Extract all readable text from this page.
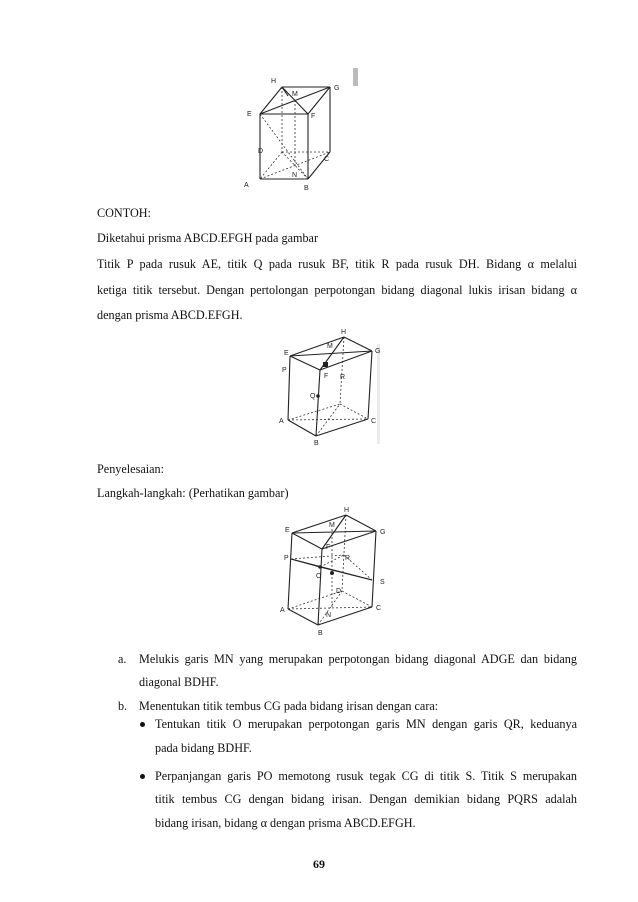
H
M
G
E	F
D
C
N
A	B
CONTOH:
Diketahui prisma ABCD.EFGH pada gambar
Titik P pada rusuk AE, titik Q pada rusuk BF, titik R pada rusuk DH. Bidang α melalui
ketiga titik tersebut. Dengan pertolongan perpotongan bidang diagonal lukis irisan bidang α
dengan prisma ABCD.EFGH.
H
G
E
M
F
P
R
Q
A	C
B
Penyelesaian:
Langkah-langkah: (Perhatikan gambar)
H
E	G
M
F
P	R
O
S
D
A
N
C
B
a. Melukis garis MN yang merupakan perpotongan bidang diagonal ADGE dan bidang
diagonal BDHF.
b. Menentukan titik tembus CG pada bidang irisan dengan cara:
Tentukan titik O merupakan perpotongan garis MN dengan garis QR, keduanya
pada bidang BDHF.
Perpanjangan garis PO memotong rusuk tegak CG di titik S. Titik S merupakan
titik tembus CG dengan bidang irisan. Dengan demikian bidang PQRS adalah
bidang irisan, bidang α dengan prisma ABCD.EFGH.
69
